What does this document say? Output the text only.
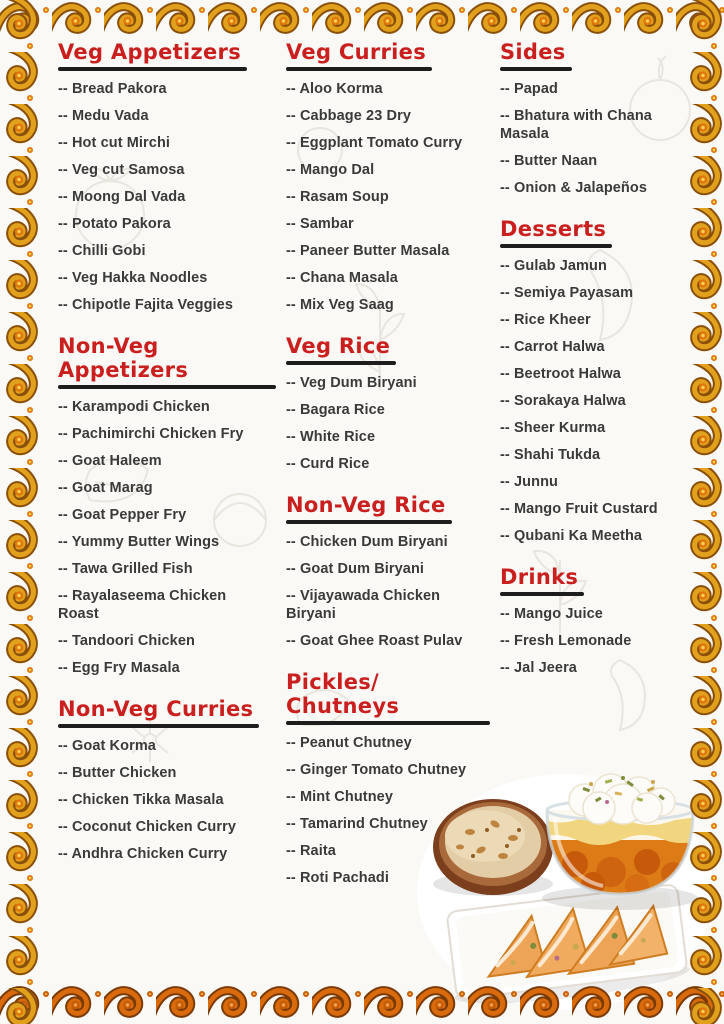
Veg Appetizers
-- Bread Pakora
-- Medu Vada
-- Hot cut Mirchi
-- Veg cut Samosa
-- Moong Dal Vada
-- Potato Pakora
-- Chilli Gobi
-- Veg Hakka Noodles
-- Chipotle Fajita Veggies
Non-Veg Appetizers
-- Karampodi Chicken
-- Pachimirchi Chicken Fry
-- Goat Haleem
-- Goat Marag
-- Goat Pepper Fry
-- Yummy Butter Wings
-- Tawa Grilled Fish
-- Rayalaseema Chicken Roast
-- Tandoori Chicken
-- Egg Fry Masala
Non-Veg Curries
-- Goat Korma
-- Butter Chicken
-- Chicken Tikka Masala
-- Coconut Chicken Curry
-- Andhra Chicken Curry
Veg Curries
-- Aloo Korma
-- Cabbage 23 Dry
-- Eggplant Tomato Curry
-- Mango Dal
-- Rasam Soup
-- Sambar
-- Paneer Butter Masala
-- Chana Masala
-- Mix Veg Saag
Veg Rice
-- Veg Dum Biryani
-- Bagara Rice
-- White Rice
-- Curd Rice
Non-Veg Rice
-- Chicken Dum Biryani
-- Goat Dum Biryani
-- Vijayawada Chicken Biryani
-- Goat Ghee Roast Pulav
Pickles/ Chutneys
-- Peanut Chutney
-- Ginger Tomato Chutney
-- Mint Chutney
-- Tamarind Chutney
-- Raita
-- Roti Pachadi
Sides
-- Papad
-- Bhatura with Chana Masala
-- Butter Naan
-- Onion & Jalapeños
Desserts
-- Gulab Jamun
-- Semiya Payasam
-- Rice Kheer
-- Carrot Halwa
-- Beetroot Halwa
-- Sorakaya Halwa
-- Sheer Kurma
-- Shahi Tukda
-- Junnu
-- Mango Fruit Custard
-- Qubani Ka Meetha
Drinks
-- Mango Juice
-- Fresh Lemonade
-- Jal Jeera
